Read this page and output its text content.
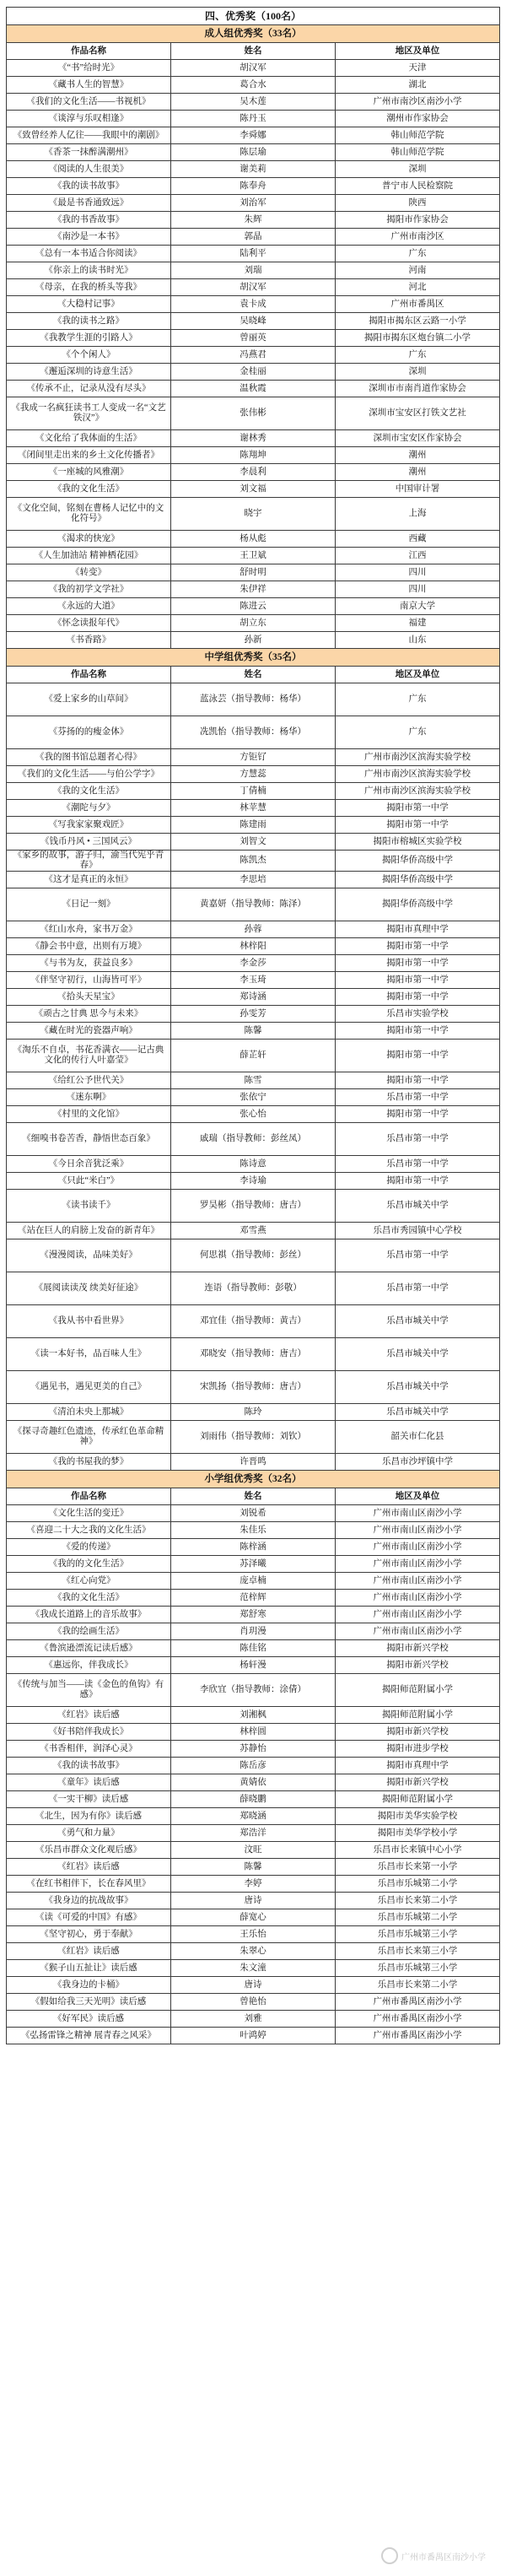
四、优秀奖（100名）		
成人组优秀奖（33名）		
作品名称	姓名	地区及单位
《“书”给时光》	胡汉军	天津
《藏书人生的智慧》	葛合水	湖北
《我们的文化生活——书视机》	吴木莲	广州市南沙区南沙小学
《谈淳与乐叹相逢》	陈丹玉	潮州市作家协会
《致曾经养人亿往——我眼中的潮剧》	李舜娜	韩山师范学院
《香茶一抹醉满潮州》	陈层瑜	韩山师范学院
《阅读的人生很美》	谢美莉	深圳
《我的读书故事》	陈奉舟	普宁市人民检察院
《最是书香通致远》	刘治军	陕西
《我的书香故事》	朱辉	揭阳市作家协会
《南沙是一本书》	郭晶	广州市南沙区
《总有一本书适合你阅读》	陆利平	广东
《你亲上的读书时光》	刘瑞	河南
《母亲，在我的桥头等我》	胡汉军	河北
《大稳村记事》	袁卡成	广州市番禺区
《我的读书之路》	吴晓峰	揭阳市揭东区云路一小学
《我教学生涯的引路人》	曾丽英	揭阳市揭东区炮台镇二小学
《个个闲人》	冯燕君	广东
《邂逅深圳的诗意生活》	金桂丽	深圳
《传承不止，记录从没有尽头》	温秋霞	深圳市市南肖道作家协会
《我成一名疯狂读书工人变成一名“文艺铁汉”》	张伟彬	深圳市宝安区打铁文艺社
《文化给了我体面的生活》	谢林秀	深圳市宝安区作家协会
《闭间里走出来的乡土文化传播者》	陈翔坤	潮州
《一座城的风雅潮》	李晨利	潮州
《我的文化生活》	刘文福	中国审计署
《文化空间，铭刻在曹杨人记忆中的文化符号》	晓宇	上海
《渴求的快宠》	杨从彪	西藏
《人生加油站 精神栖花园》	王卫斌	江西
《转变》	舒时明	四川
《我的初学文学社》	朱伊祥	四川
《永远的大道》	陈进云	南京大学
《怀念读报年代》	胡立东	福建
《书香路》	孙新	山东
中学组优秀奖（35名）		
作品名称	姓名	地区及单位
《爱上家乡的山草间》	蓝泳芸（指导教师：杨华）	广东
《芬扬的的瘦金体》	冼凯怡（指导教师：杨华）	广东
《我的图书馆总题者心得》	方钜钌	广州市南沙区滨海实验学校
《我们的文化生活——与伯公学字》	方慧蕊	广州市南沙区滨海实验学校
《我的文化生活》	丁倩楠	广州市南沙区滨海实验学校
《潮陀与夕》	林苹慧	揭阳市第一中学
《写我家家聚戏匠》	陈建雨	揭阳市第一中学
《钱币丹风 • 三国风云》	刘智文	揭阳市榕城区实验学校
《家乡的故事，游子归，渝当代宪乎青春》	陈凯杰	揭阳华侨高级中学
《这才是真正的永恒》	李思培	揭阳华侨高级中学
《日记一刻》	黄嘉妍（指导教师：陈泽）	揭阳华侨高级中学
《红山水舟，家书万金》	孙蓉	揭阳市真理中学
《静会书中意，出则有万境》	林梓阳	揭阳市第一中学
《与书为友，获益良多》	李金莎	揭阳市第一中学
《伴坚守初行，山海皆可平》	李玉琦	揭阳市第一中学
《拾头天星宝》	郑诗涵	揭阳市第一中学
《顽古之甘典 思今与未来》	孙雯芳	乐昌市实验学校
《藏在时光的瓷器声响》	陈馨	揭阳市第一中学
《淘乐不自卓，书花香满衣——记古典文化的传行人叶嘉莹》	薛芷轩	揭阳市第一中学
《给红公予世代关》	陈雪	揭阳市第一中学
《迷东啊》	张依宁	乐昌市第一中学
《村里的文化馆》	张心怡	揭阳市第一中学
《细嗅书卷苦香，静悟世态百象》	戚瑞（指导教师：彭丝凤）	乐昌市第一中学
《今日余音犹泛乘》	陈诗意	乐昌市第一中学
《只此“米白”》	李诗瑜	揭阳市第一中学
《读书读千》	罗昊彬（指导教师：唐吉）	乐昌市城关中学
《站在巨人的肩膀上发奋的新青年》	邓雪燕	乐昌市秀园镇中心学校
《漫漫阅读，品味美好》	何思祺（指导教师：彭丝）	乐昌市第一中学
《展阅读读茂 续美好征途》	连语（指导教师：彭敬）	乐昌市第一中学
《我从书中看世界》	邓宜佳（指导教师：黄吉）	乐昌市城关中学
《读一本好书，品百味人生》	邓晓安（指导教师：唐吉）	乐昌市城关中学
《遇见书，遇见更美的自己》	宋凯扬（指导教师：唐吉）	乐昌市城关中学
《清泊未央上那城》	陈玲	乐昌市城关中学
《探寻奇趣红色遗迹，传承红色革命精神》	刘雨伟（指导教师：刘钦）	韶关市仁化县
《我的书屋我的梦》	许晋鸣	乐昌市沙坪镇中学
小学组优秀奖（32名）		
作品名称	姓名	地区及单位
《文化生活的变迁》	刘锐希	广州市南山区南沙小学
《喜迎二十大之我的文化生活》	朱佳乐	广州市南山区南沙小学
《爱的传递》	陈梓涵	广州市南山区南沙小学
《我的的文化生活》	苏泽曦	广州市南山区南沙小学
《红心向党》	庞卓楠	广州市南山区南沙小学
《我的文化生活》	范梓辉	广州市南山区南沙小学
《我成长道路上的音乐故事》	郑舒寒	广州市南山区南沙小学
《我的绘画生活》	肖玥漫	广州市南山区南沙小学
《鲁滨逊漂流记读后感》	陈佳铭	揭阳市新兴学校
《惠远你，伴我成长》	杨轩漫	揭阳市新兴学校
《传统与加当——读《金色的鱼钩》有感》	李欣宜（指导教师：涂倩）	揭阳师范附属小学
《红岩》读后感	刘湘枫	揭阳师范附属小学
《好书陪伴我成长》	林梓圆	揭阳市新兴学校
《书香相伴，润泽心灵》	苏静怡	揭阳市进步学校
《我的读书故事》	陈岳彦	揭阳市真理中学
《童年》读后感	黄婧依	揭阳市新兴学校
《一实干柳》读后感	薛晓鹏	揭阳师范附属小学
《北生，因为有你》读后感	郑晓涵	揭阳市美华实验学校
《勇气和力量》	郑浩洋	揭阳市美华学校小学
《乐昌市群众文化观后感》	汶旺	乐昌市长来镇中心小学
《红岩》读后感	陈馨	乐昌市长来第一小学
《在红书相伴下，长在春风里》	李婷	乐昌市乐城第二小学
《我身边的抗战故事》	唐诗	乐昌市长来第二小学
《读《可爱的中国》有感》	薛宽心	乐昌市乐城第二小学
《坚守初心，勇于奉献》	王乐怡	乐昌市乐城第三小学
《红岩》读后感	朱翠心	乐昌市长来第三小学
《猴子山五扯让》读后感	朱文潼	乐昌市乐城第三小学
《我身边的卡桶》	唐诗	乐昌市长来第二小学
《假如给我三天光明》读后感	曾艳怡	广州市番禺区南沙小学
《好军民》读后感	刘雅	广州市番禺区南沙小学
《弘扬雷锋之精神 展青春之风采》	叶鸿婷	广州市番禺区南沙小学
广州市番禺区南沙小学
